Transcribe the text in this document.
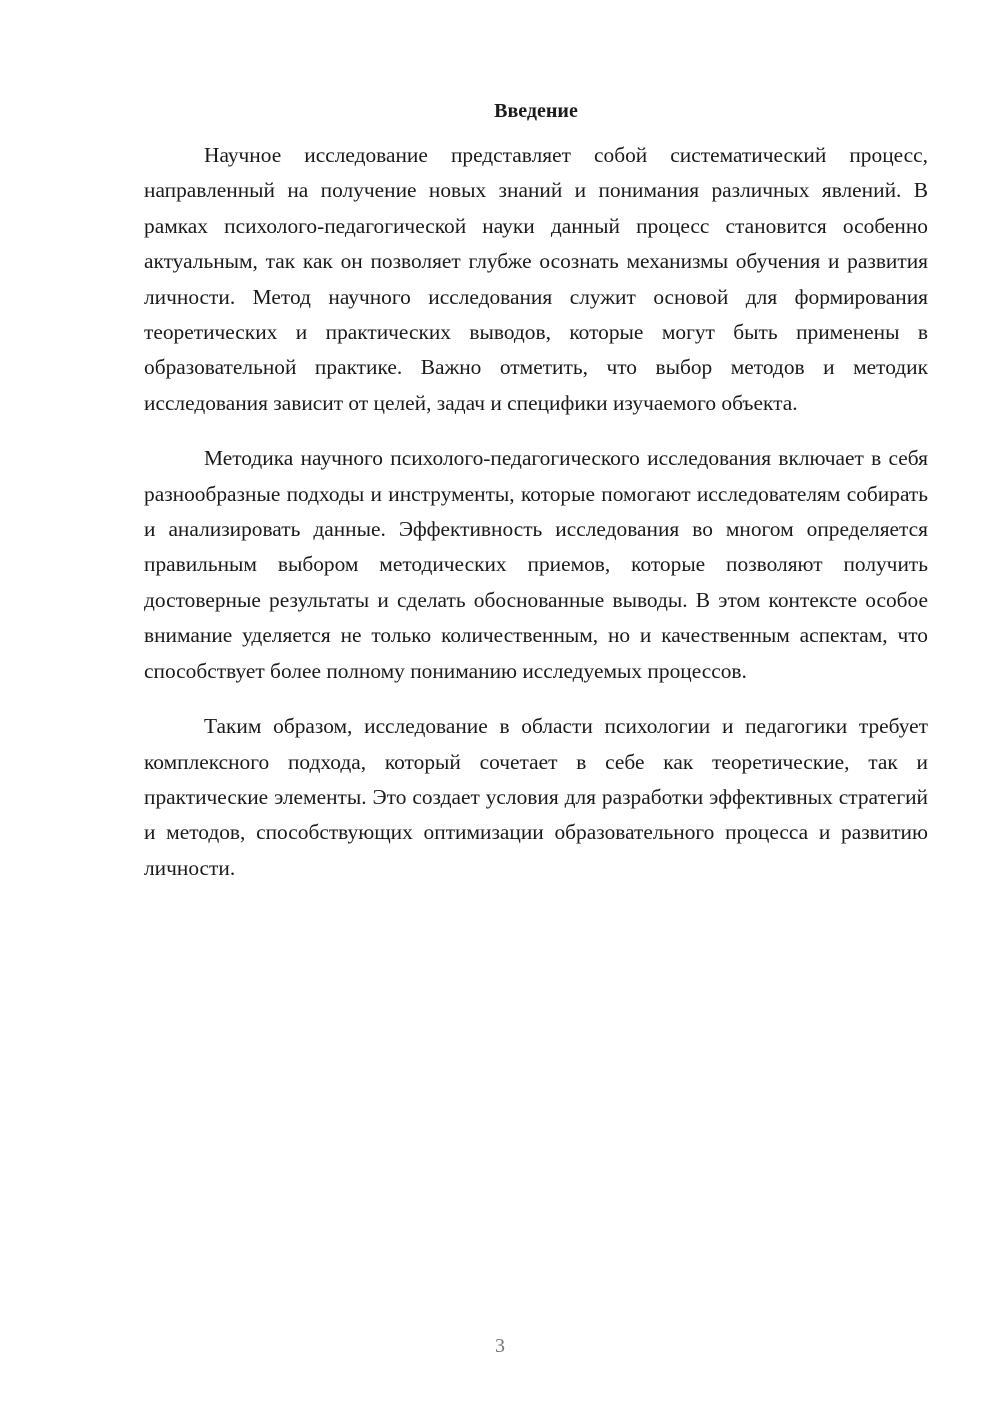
Введение

Научное исследование представляет собой систематический процесс, направленный на получение новых знаний и понимания различных явлений. В рамках психолого-педагогической науки данный процесс становится особенно актуальным, так как он позволяет глубже осознать механизмы обучения и развития личности. Метод научного исследования служит основой для формирования теоретических и практических выводов, которые могут быть применены в образовательной практике. Важно отметить, что выбор методов и методик исследования зависит от целей, задач и специфики изучаемого объекта.

Методика научного психолого-педагогического исследования включает в себя разнообразные подходы и инструменты, которые помогают исследователям собирать и анализировать данные. Эффективность исследования во многом определяется правильным выбором методических приемов, которые позволяют получить достоверные результаты и сделать обоснованные выводы. В этом контексте особое внимание уделяется не только количественным, но и качественным аспектам, что способствует более полному пониманию исследуемых процессов.

Таким образом, исследование в области психологии и педагогики требует комплексного подхода, который сочетает в себе как теоретические, так и практические элементы. Это создает условия для разработки эффективных стратегий и методов, способствующих оптимизации образовательного процесса и развитию личности.

3
